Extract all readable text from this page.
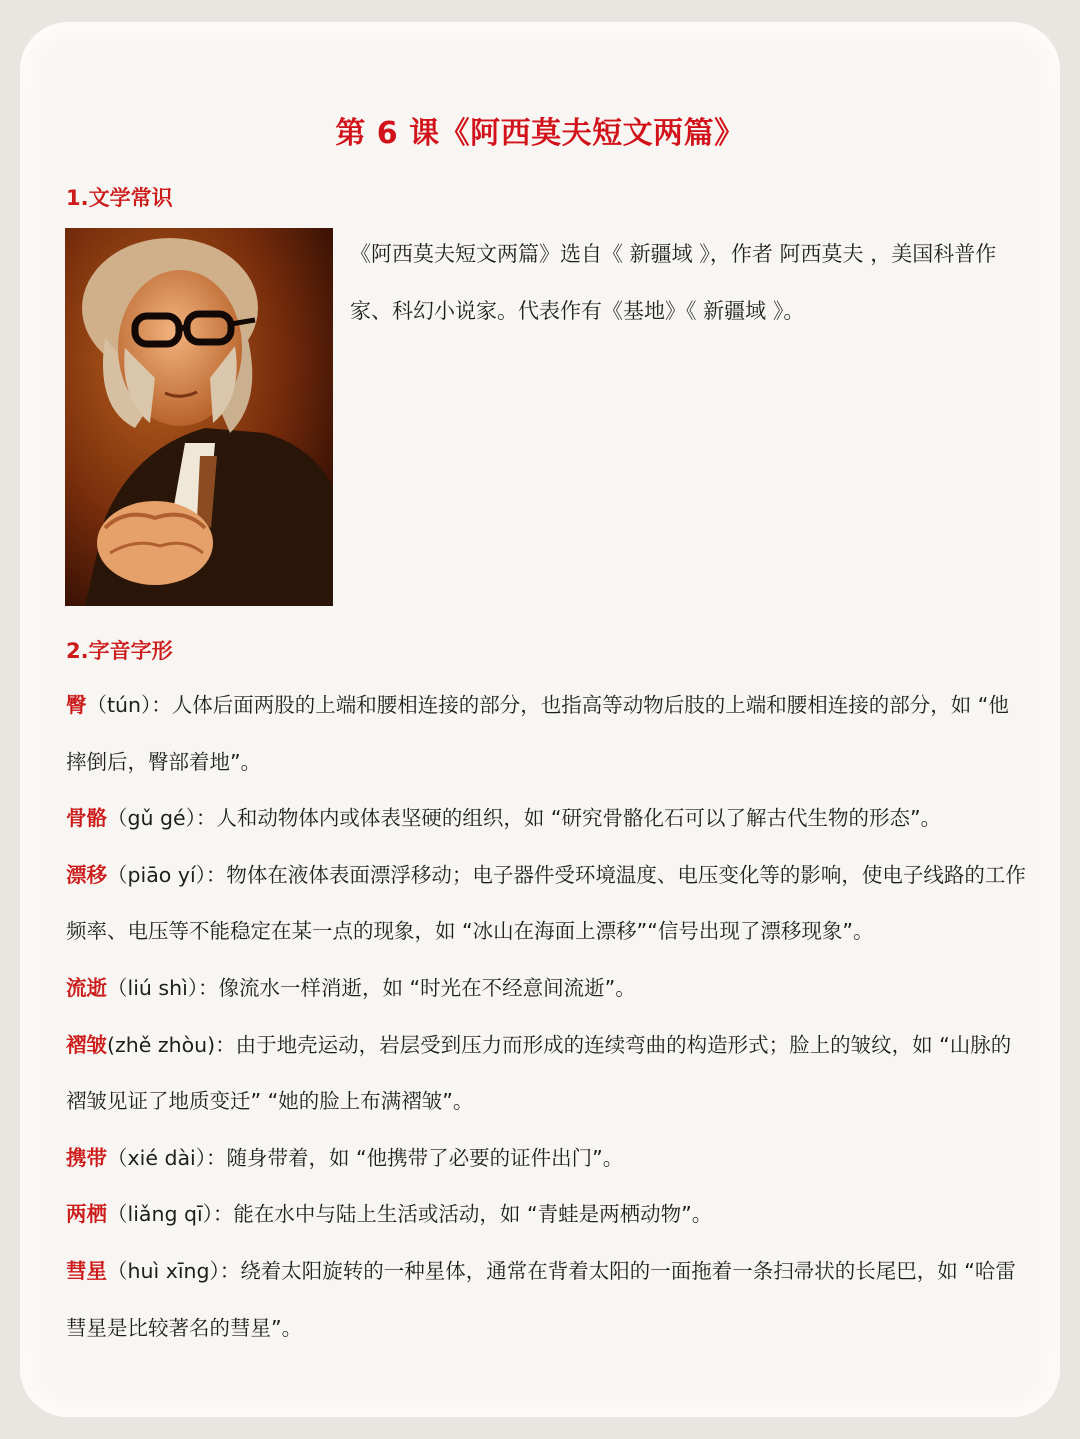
第 6 课《阿西莫夫短文两篇》
1.文学常识
《阿西莫夫短文两篇》选自《 新疆域 》，作者 阿西莫夫 ，美国科普作家、科幻小说家。代表作有《基地》《 新疆域 》。
2.字音字形

臀（tún）：人体后面两股的上端和腰相连接的部分，也指高等动物后肢的上端和腰相连接的部分，如 “他摔倒后，臀部着地”。

骨骼（gǔ gé）：人和动物体内或体表坚硬的组织，如 “研究骨骼化石可以了解古代生物的形态”。

漂移（piāo yí）：物体在液体表面漂浮移动；电子器件受环境温度、电压变化等的影响，使电子线路的工作频率、电压等不能稳定在某一点的现象，如 “冰山在海面上漂移”“信号出现了漂移现象”。

流逝（liú shì）：像流水一样消逝，如 “时光在不经意间流逝”。

褶皱(zhě zhòu)：由于地壳运动，岩层受到压力而形成的连续弯曲的构造形式；脸上的皱纹，如 “山脉的褶皱见证了地质变迁” “她的脸上布满褶皱”。

携带（xié dài）：随身带着，如 “他携带了必要的证件出门”。

两栖（liǎng qī）：能在水中与陆上生活或活动，如 “青蛙是两栖动物”。

彗星（huì xīng）：绕着太阳旋转的一种星体，通常在背着太阳的一面拖着一条扫帚状的长尾巴，如 “哈雷彗星是比较著名的彗星”。
